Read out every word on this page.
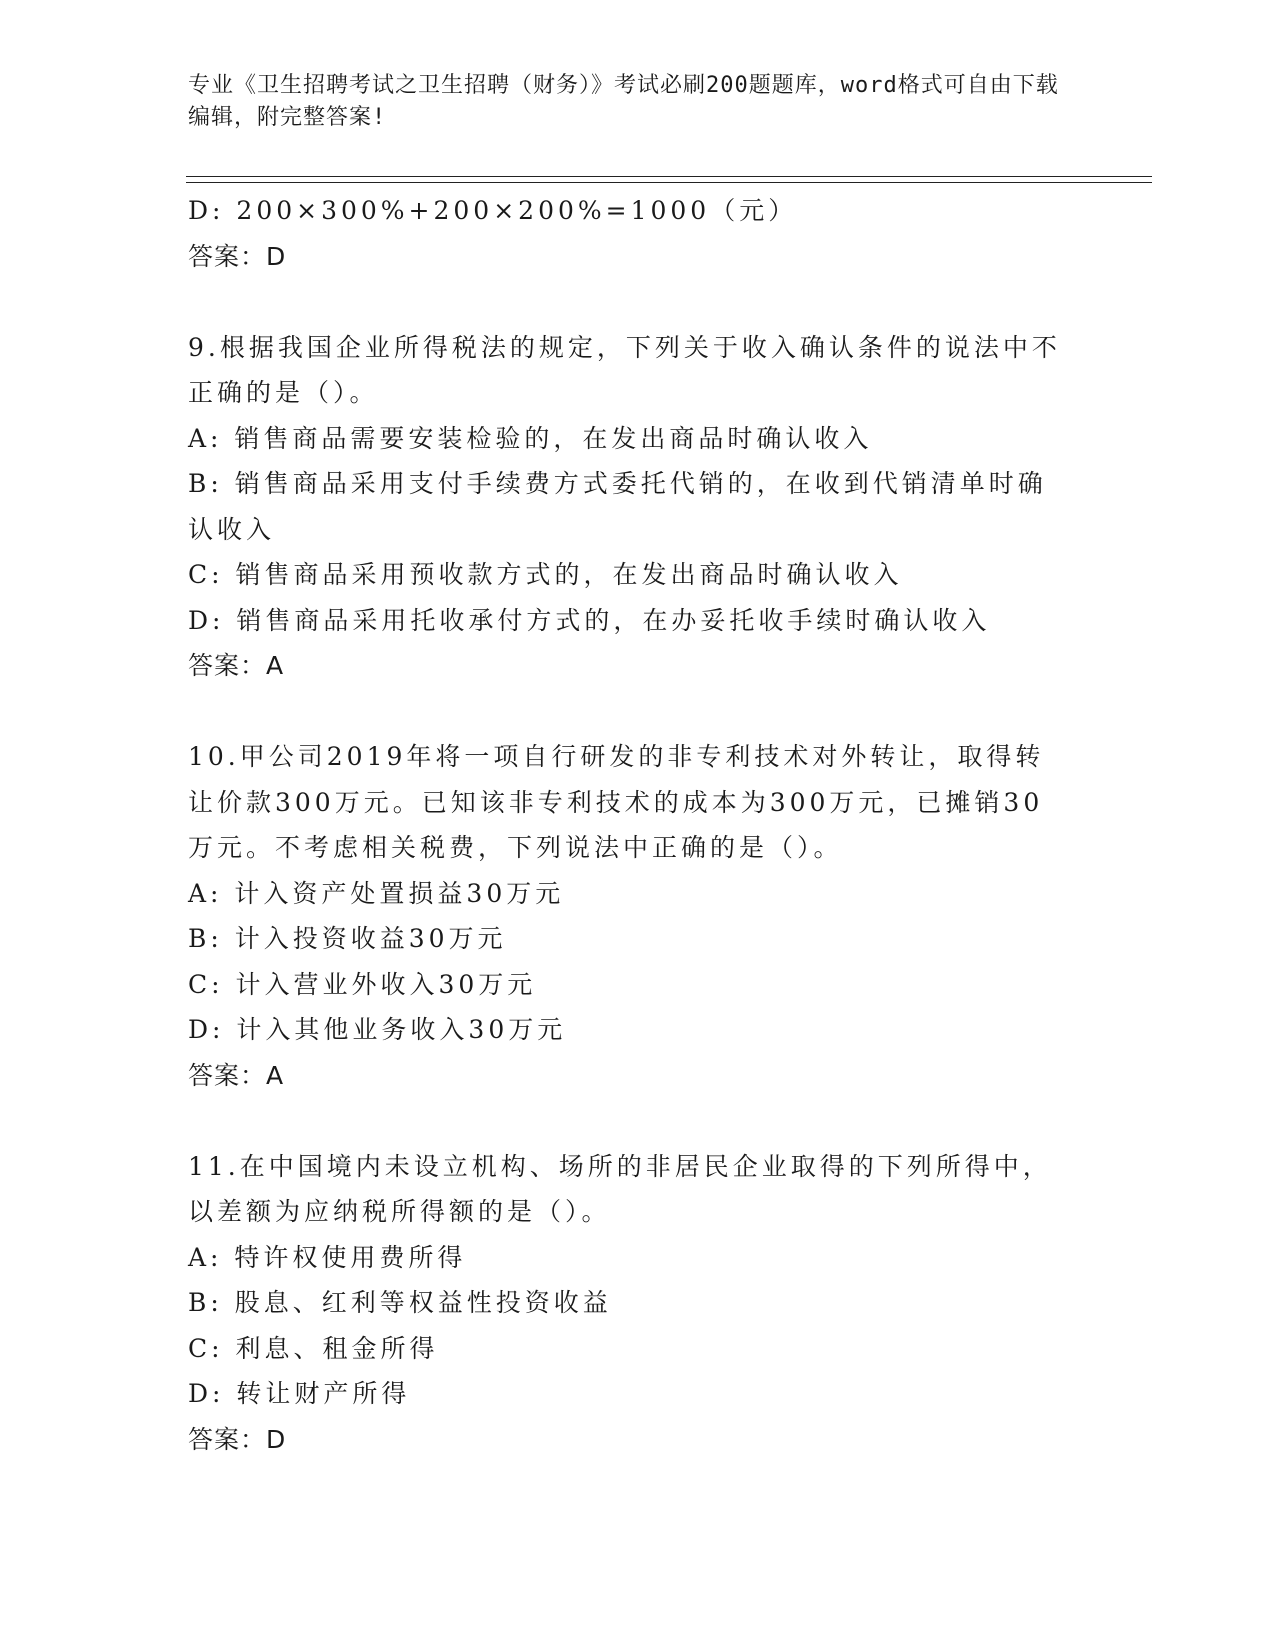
专业《卫生招聘考试之卫生招聘（财务）》考试必刷200题题库，word格式可自由下载编辑，附完整答案!

D: 200×300%+200×200%=1000（元）

答案：D

9.根据我国企业所得税法的规定，下列关于收入确认条件的说法中不正确的是（）。

A: 销售商品需要安装检验的，在发出商品时确认收入

B: 销售商品采用支付手续费方式委托代销的，在收到代销清单时确认收入

C: 销售商品采用预收款方式的，在发出商品时确认收入

D: 销售商品采用托收承付方式的，在办妥托收手续时确认收入

答案：A

10.甲公司2019年将一项自行研发的非专利技术对外转让，取得转让价款300万元。已知该非专利技术的成本为300万元，已摊销30万元。不考虑相关税费，下列说法中正确的是（）。

A: 计入资产处置损益30万元

B: 计入投资收益30万元

C: 计入营业外收入30万元

D: 计入其他业务收入30万元

答案：A

11.在中国境内未设立机构、场所的非居民企业取得的下列所得中，以差额为应纳税所得额的是（）。

A: 特许权使用费所得

B: 股息、红利等权益性投资收益

C: 利息、租金所得

D: 转让财产所得

答案：D
